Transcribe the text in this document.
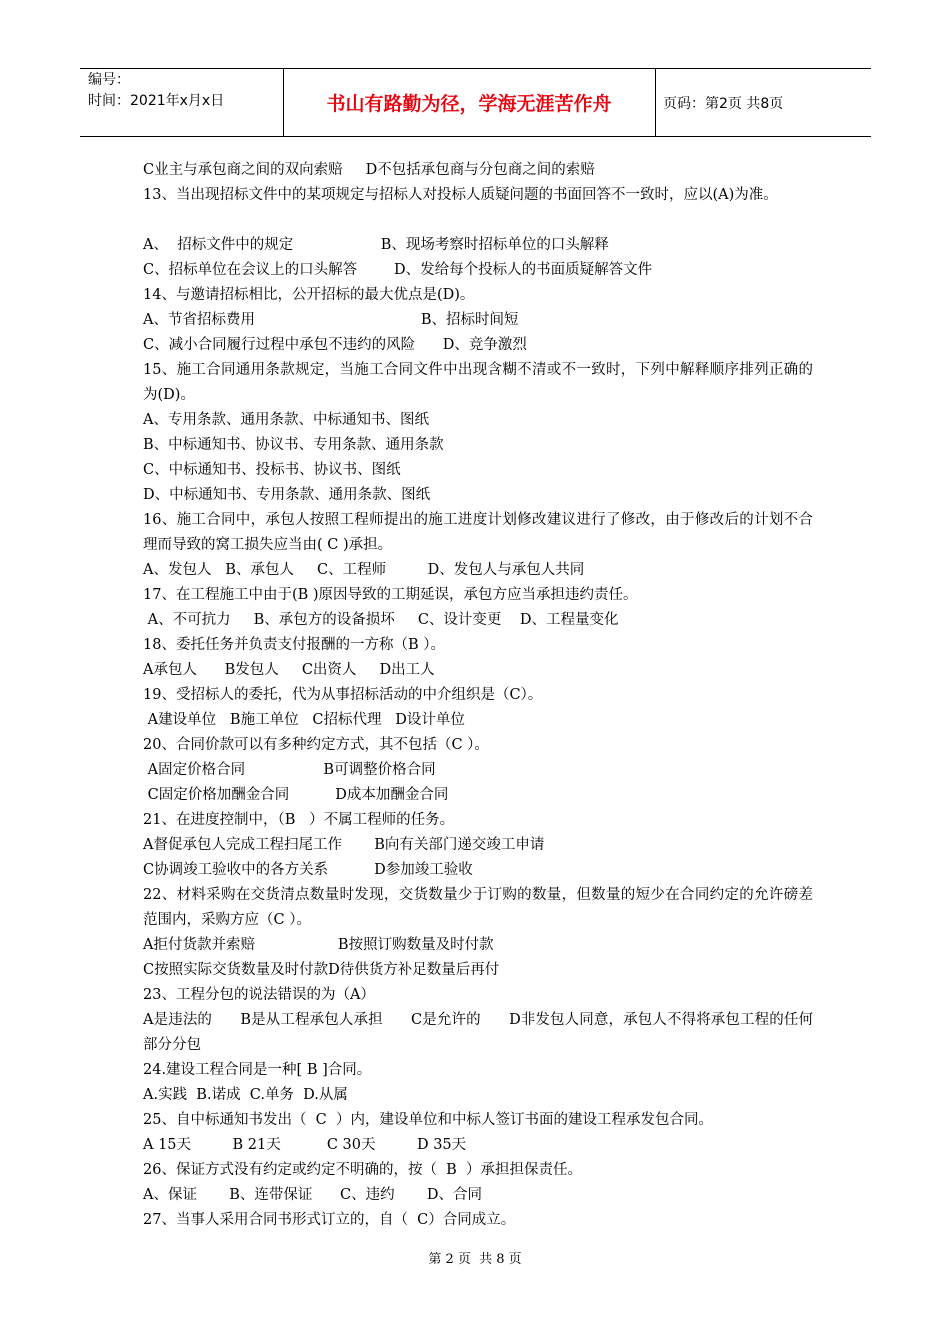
编号：
时间：2021年x月x日	书山有路勤为径，学海无涯苦作舟	页码：第2页 共8页
C业主与承包商之间的双向索赔     D不包括承包商与分包商之间的索赔
13、当出现招标文件中的某项规定与招标人对投标人质疑问题的书面回答不一致时，应以(A)为准。
A、  招标文件中的规定                   B、现场考察时招标单位的口头解释
C、招标单位在会议上的口头解答        D、发给每个投标人的书面质疑解答文件
14、与邀请招标相比，公开招标的最大优点是(D)。
A、节省招标费用                                    B、招标时间短
C、减小合同履行过程中承包不违约的风险      D、竞争激烈
15、施工合同通用条款规定，当施工合同文件中出现含糊不清或不一致时，下列中解释顺序排列正确的为(D)。
A、专用条款、通用条款、中标通知书、图纸
B、中标通知书、协议书、专用条款、通用条款
C、中标通知书、投标书、协议书、图纸
D、中标通知书、专用条款、通用条款、图纸
16、施工合同中，承包人按照工程师提出的施工进度计划修改建议进行了修改，由于修改后的计划不合理而导致的窝工损失应当由( C )承担。
A、发包人   B、承包人     C、工程师         D、发包人与承包人共同
17、在工程施工中由于(B )原因导致的工期延误，承包方应当承担违约责任。
A、不可抗力     B、承包方的设备损坏     C、设计变更    D、工程量变化
18、委托任务并负责支付报酬的一方称（B ）。
A承包人      B发包人     C出资人     D出工人
19、受招标人的委托，代为从事招标活动的中介组织是（C）。
A建设单位   B施工单位   C招标代理   D设计单位
20、合同价款可以有多种约定方式，其不包括（C ）。
A固定价格合同                 B可调整价格合同
C固定价格加酬金合同          D成本加酬金合同
21、在进度控制中，（B   ）不属工程师的任务。
A督促承包人完成工程扫尾工作       B向有关部门递交竣工申请
C协调竣工验收中的各方关系          D参加竣工验收
22、材料采购在交货清点数量时发现，交货数量少于订购的数量，但数量的短少在合同约定的允许磅差范围内，采购方应（C ）。
A拒付货款并索赔                  B按照订购数量及时付款
C按照实际交货数量及时付款D待供货方补足数量后再付
23、工程分包的说法错误的为（A）
A是违法的      B是从工程承包人承担      C是允许的      D非发包人同意，承包人不得将承包工程的任何部分分包
24.建设工程合同是一种[ B ]合同。
A.实践  B.诺成  C.单务  D.从属
25、自中标通知书发出（  C  ）内，建设单位和中标人签订书面的建设工程承发包合同。
A 15天         B 21天          C 30天         D 35天
26、保证方式没有约定或约定不明确的，按（  B  ）承担担保责任。
A、保证       B、连带保证      C、违约       D、合同
27、当事人采用合同书形式订立的，自（  C）合同成立。
第 2 页  共 8 页
